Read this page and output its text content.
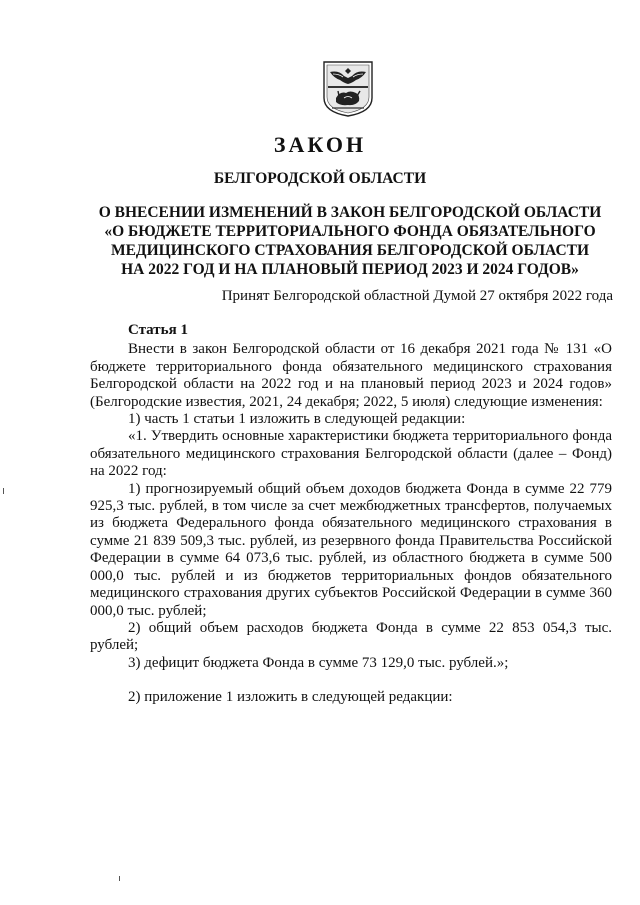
ЗАКОН
БЕЛГОРОДСКОЙ ОБЛАСТИ
О ВНЕСЕНИИ ИЗМЕНЕНИЙ В ЗАКОН БЕЛГОРОДСКОЙ ОБЛАСТИ
«О БЮДЖЕТЕ ТЕРРИТОРИАЛЬНОГО ФОНДА ОБЯЗАТЕЛЬНОГО
МЕДИЦИНСКОГО СТРАХОВАНИЯ БЕЛГОРОДСКОЙ ОБЛАСТИ
НА 2022 ГОД И НА ПЛАНОВЫЙ ПЕРИОД 2023 И 2024 ГОДОВ»
Принят Белгородской областной Думой 27 октября 2022 года

Статья 1

Внести в закон Белгородской области от 16 декабря 2021 года № 131 «О бюджете территориального фонда обязательного медицинского страхования Белгородской области на 2022 год и на плановый период 2023 и 2024 годов» (Белгородские известия, 2021, 24 декабря; 2022, 5 июля) следующие изменения:

1) часть 1 статьи 1 изложить в следующей редакции:

«1. Утвердить основные характеристики бюджета территориального фонда обязательного медицинского страхования Белгородской области (далее – Фонд) на 2022 год:

1) прогнозируемый общий объем доходов бюджета Фонда в сумме 22 779 925,3 тыс. рублей, в том числе за счет межбюджетных трансфертов, получаемых из бюджета Федерального фонда обязательного медицинского страхования в сумме 21 839 509,3 тыс. рублей, из резервного фонда Правительства Российской Федерации в сумме 64 073,6 тыс. рублей, из областного бюджета в сумме 500 000,0 тыс. рублей и из бюджетов территориальных фондов обязательного медицинского страхования других субъектов Российской Федерации в сумме 360 000,0 тыс. рублей;

2) общий объем расходов бюджета Фонда в сумме 22 853 054,3 тыс. рублей;

3) дефицит бюджета Фонда в сумме 73 129,0 тыс. рублей.»;

2) приложение 1 изложить в следующей редакции:
